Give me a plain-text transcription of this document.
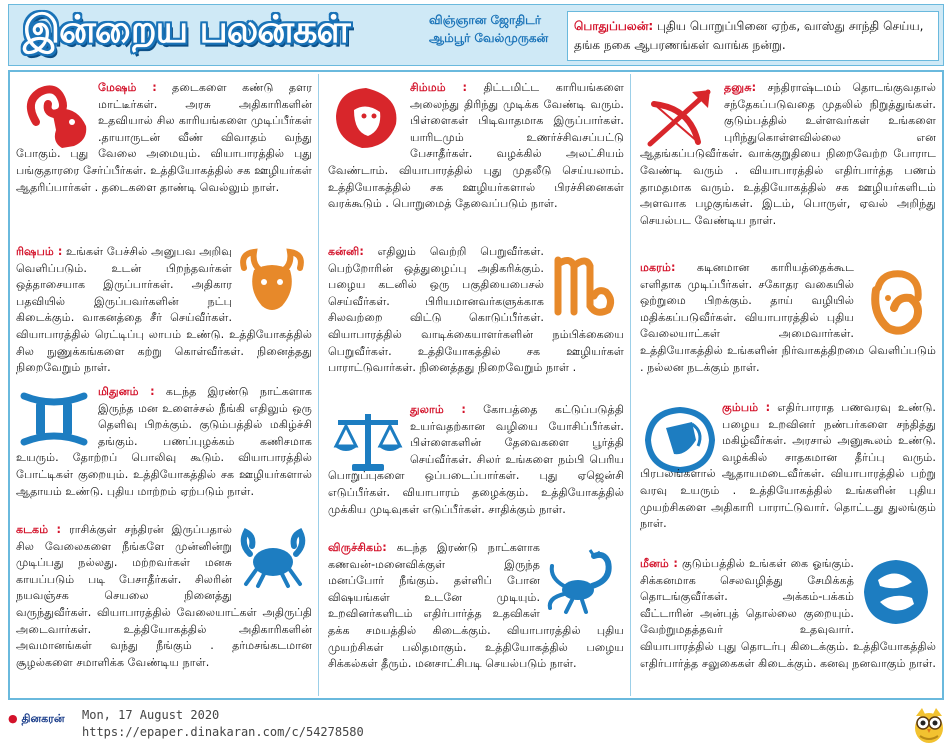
இன்றைய பலன்கள்	விஞ்ஞான ஜோதிடர்
ஆம்பூர் வேல்முருகன்
பொதுப்பலன்: புதிய பொறுப்பினை ஏற்க, வாஸ்து சாந்தி செய்ய, தங்க நகை ஆபரணங்கள் வாங்க நன்று.
மேஷம் : தடைகளை கண்டு தளர மாட்டீர்கள். அரசு அதிகாரிகளின் உதவியால் சில காரியங்களை முடிப்பீர்கள் .தாயாருடன் வீண் விவாதம் வந்து போகும். புது வேலை அமையும். வியாபாரத்தில் புது பங்குதாரரை சேர்ப்பீர்கள். உத்தியோகத்தில் சக ஊழியர்கள் ஆதரிப்பார்கள் . தடைகளை தாண்டி வெல்லும் நாள்.
ரிஷபம் : உங்கள் பேச்சில் அனுபவ அறிவு வெளிப்படும். உடன் பிறந்தவர்கள் ஒத்தாசையாக இருப்பார்கள். அதிகார பதவியில் இருப்பவர்களின் நட்பு கிடைக்கும். வாகனத்தை சீர் செய்வீர்கள். வியாபாரத்தில் ரெட்டிப்பு லாபம் உண்டு. உத்தியோகத்தில் சில நுணுக்கங்களை கற்று கொள்வீர்கள். நினைத்தது நிறைவேறும் நாள்.
மிதுனம் : கடந்த இரண்டு நாட்களாக இருந்த மன உளைச்சல் நீங்கி எதிலும் ஒரு தெளிவு பிறக்கும். குடும்பத்தில் மகிழ்ச்சி தங்கும். பணப்புழக்கம் கணிசமாக உயரும். தோற்றப் பொலிவு கூடும். வியாபாரத்தில் போட்டிகள் குறையும். உத்தியோகத்தில் சக ஊழியர்களால் ஆதாயம் உண்டு. புதிய மாற்றம் ஏற்படும் நாள்.
கடகம் : ராசிக்குள் சந்திரன் இருப்பதால் சில வேலைகளை நீங்களே முன்னின்று முடிப்பது நல்லது. மற்றவர்கள் மனசு காயப்படும் படி பேசாதீர்கள். சிலரின் நயவஞ்சக செயலை நினைத்து வருந்துவீர்கள். வியாபாரத்தில் வேலையாட்கள் அதிருப்தி அடைவார்கள். உத்தியோகத்தில் அதிகாரிகளின் அவமானங்கள் வந்து நீங்கும் . தர்மசங்கடமான சூழல்களை சமாளிக்க வேண்டிய நாள்.
சிம்மம் : திட்டமிட்ட காரியங்களை அலைந்து திரிந்து முடிக்க வேண்டி வரும். பிள்ளைகள் பிடிவாதமாக இருப்பார்கள். யாரிடமும் உணர்ச்சிவசப்பட்டு பேசாதீர்கள். வழக்கில் அலட்சியம் வேண்டாம். வியாபாரத்தில் புது முதலீடு செய்யலாம். உத்தியோகத்தில் சக ஊழியர்களால் பிரச்சினைகள் வரக்கூடும் . பொறுமைத் தேவைப்படும் நாள்.
கன்னி: எதிலும் வெற்றி பெறுவீர்கள். பெற்றோரின் ஒத்துழைப்பு அதிகரிக்கும். பழைய கடனில் ஒரு பகுதியைபைசல் செய்வீர்கள். பிரியமானவர்களுக்காக சிலவற்றை விட்டு கொடுப்பீர்கள். வியாபாரத்தில் வாடிக்கையாளர்களின் நம்பிக்கையை பெறுவீர்கள். உத்தியோகத்தில் சக ஊழியர்கள் பாராட்டுவார்கள். நினைத்தது நிறைவேறும் நாள் .
துலாம் : கோபத்தை கட்டுப்படுத்தி உயர்வதற்கான வழியை யோசிப்பீர்கள். பிள்ளைகளின் தேவைகளை பூர்த்தி செய்வீர்கள். சிலர் உங்களை நம்பி பெரிய பொறுப்புகளை ஒப்படைப்பார்கள். புது ஏஜென்சி எடுப்பீர்கள். வியாபாரம் தழைக்கும். உத்தியோகத்தில் முக்கிய முடிவுகள் எடுப்பீர்கள். சாதிக்கும் நாள்.
விருச்சிகம்: கடந்த இரண்டு நாட்களாக கணவன்-மனைவிக்குள் இருந்த மனப்போர் நீங்கும். தள்ளிப் போன விஷயங்கள் உடனே முடியும். உறவினர்களிடம் எதிர்பார்த்த உதவிகள் தக்க சமயத்தில் கிடைக்கும். வியாபாரத்தில் புதிய முயற்சிகள் பலிதமாகும். உத்தியோகத்தில் பழைய சிக்கல்கள் தீரும். மனசாட்சிபடி செயல்படும் நாள்.
தனுசு: சந்திராஷ்டமம் தொடங்குவதால் சந்தேகப்படுவதை முதலில் நிறுத்துங்கள். குடும்பத்தில் உள்ளவர்கள் உங்களை புரிந்துகொள்ளவில்லை என ஆதங்கப்படுவீர்கள். வாக்குறுதியை நிறைவேற்ற போராட வேண்டி வரும் . வியாபாரத்தில் எதிர்பார்த்த பணம் தாமதமாக வரும். உத்தியோகத்தில் சக ஊழியர்களிடம் அளவாக பழகுங்கள். இடம், பொருள், ஏவல் அறிந்து செயல்பட வேண்டிய நாள்.
மகரம்: கடினமான காரியத்தைக்கூட எளிதாக முடிப்பீர்கள். சகோதர வகையில் ஒற்றுமை பிறக்கும். தாய் வழியில் மதிக்கப்படுவீர்கள். வியாபாரத்தில் புதிய வேலையாட்கள் அமைவார்கள். உத்தியோகத்தில் உங்களின் நிர்வாகத்திறமை வெளிப்படும் . நல்லன நடக்கும் நாள்.
கும்பம் : எதிர்பாராத பணவரவு உண்டு. பழைய உறவினர் நண்பர்களை சந்தித்து மகிழ்வீர்கள். அரசால் அனுகூலம் உண்டு. வழக்கில் சாதகமான தீர்ப்பு வரும். பிரபலங்களால் ஆதாயமடைவீர்கள். வியாபாரத்தில் பற்று வரவு உயரும் . உத்தியோகத்தில் உங்களின் புதிய முயற்சிகளை அதிகாரி பாராட்டுவார். தொட்டது துலங்கும் நாள்.
மீனம் : குடும்பத்தில் உங்கள் கை ஓங்கும். சிக்கனமாக செலவழித்து சேமிக்கத் தொடங்குவீர்கள். அக்கம்-பக்கம் வீட்டாரின் அன்புத் தொல்லை குறையும். வேற்றுமதத்தவர் உதவுவார். வியாபாரத்தில் புது தொடர்பு கிடைக்கும். உத்தியோகத்தில் எதிர்பார்த்த சலுகைகள் கிடைக்கும். கனவு நனவாகும் நாள்.
● தினகரன் Mon, 17 August 2020
https://epaper.dinakaran.com/c/54278580
